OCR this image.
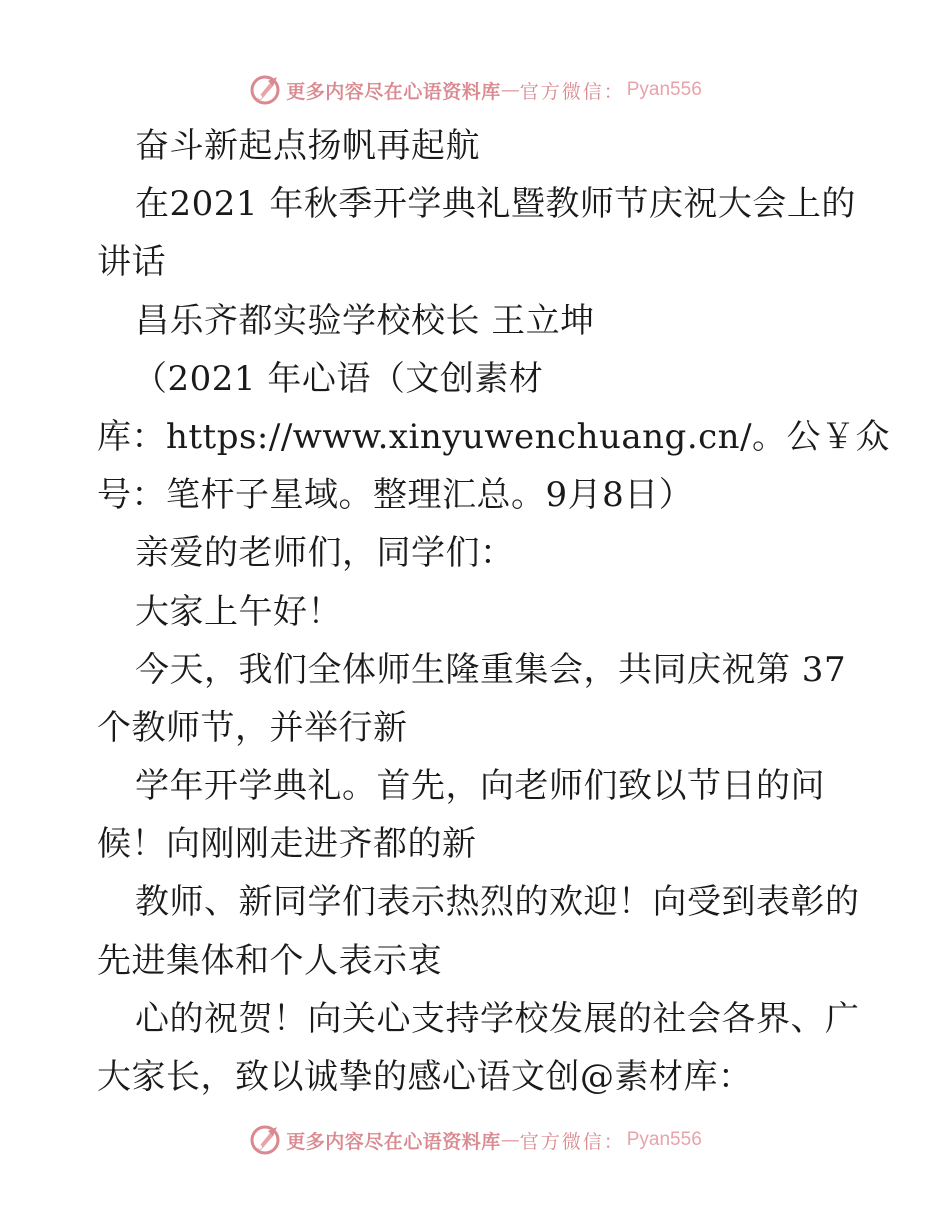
更多内容尽在心语资料库 — 官方微信： Pyan556
奋斗新起点扬帆再起航
在2021 年秋季开学典礼暨教师节庆祝大会上的
讲话
昌乐齐都实验学校校长 王立坤
（2021 年心语（文创素材
库：https://www.xinyuwenchuang.cn/。公￥众
号：笔杆子星域。整理汇总。9月8日）
亲爱的老师们，同学们：
大家上午好！
今天，我们全体师生隆重集会，共同庆祝第 37
个教师节，并举行新
学年开学典礼。首先，向老师们致以节日的问
候！向刚刚走进齐都的新
教师、新同学们表示热烈的欢迎！向受到表彰的
先进集体和个人表示衷
心的祝贺！向关心支持学校发展的社会各界、广
大家长，致以诚挚的感心语文创@素材库：
更多内容尽在心语资料库 — 官方微信： Pyan556
